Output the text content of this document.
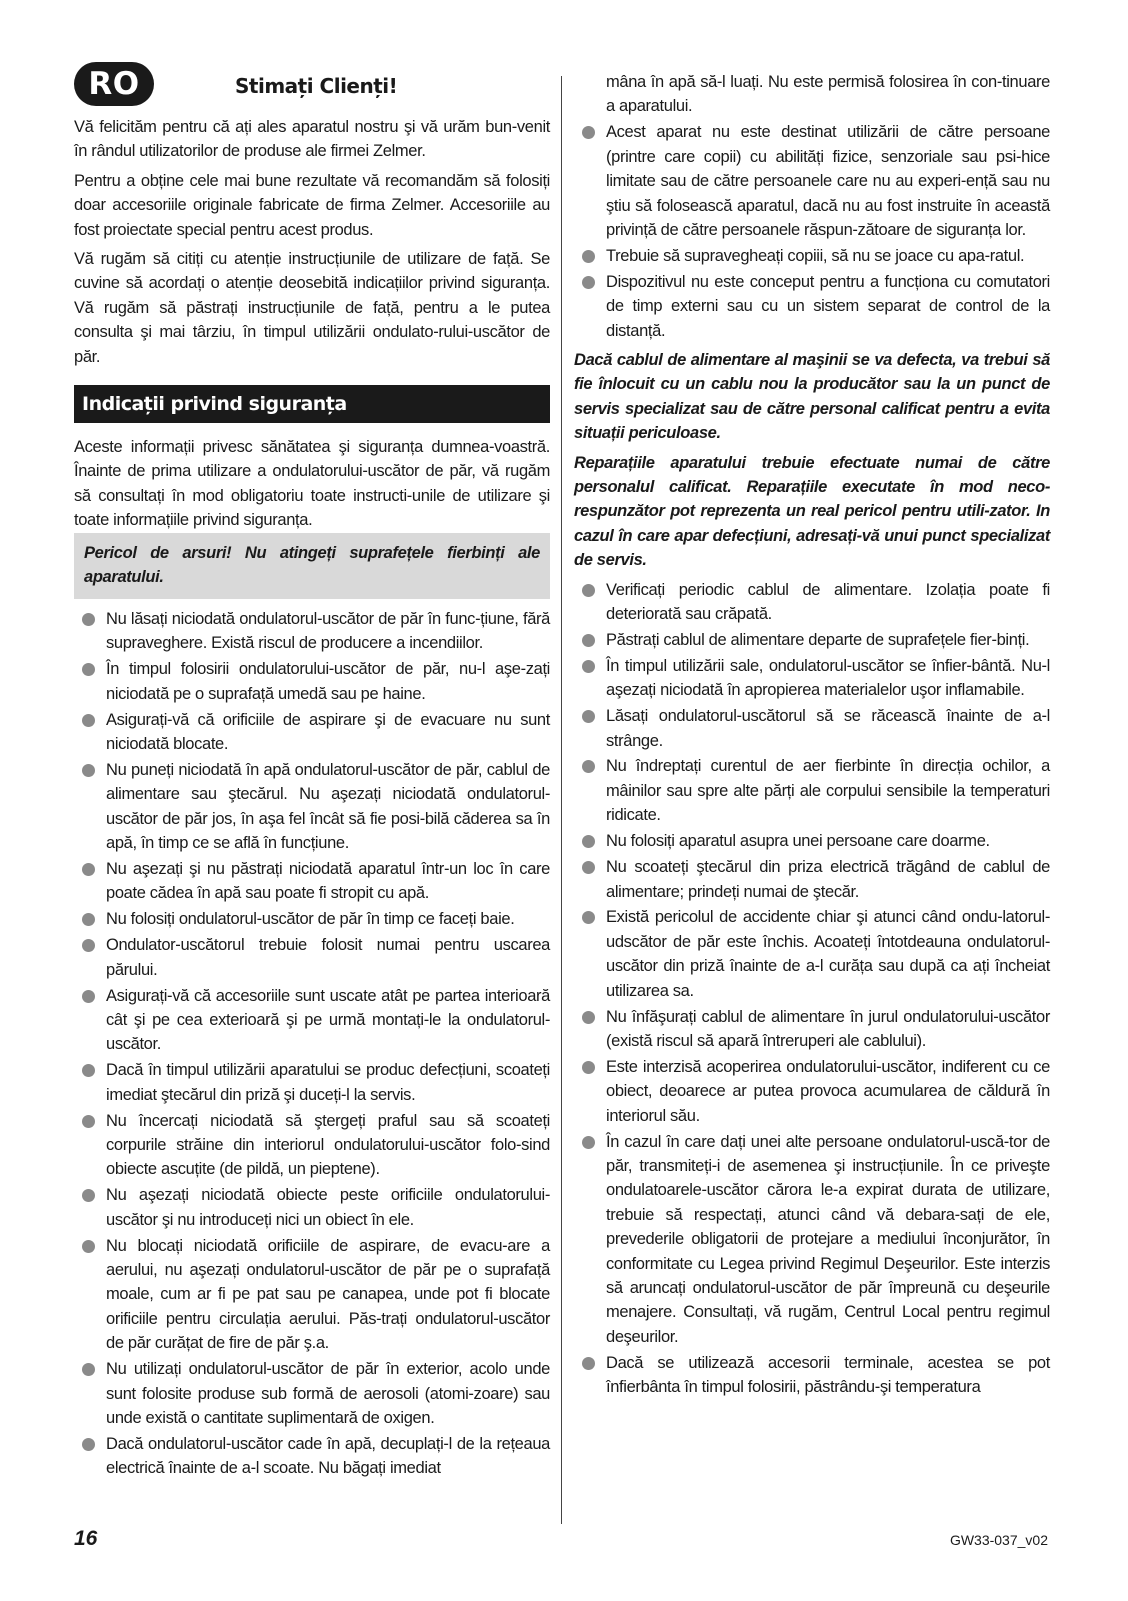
RO	Stimați Clienți!

Vă felicităm pentru că ați ales aparatul nostru şi vă urăm bun-venit în rândul utilizatorilor de produse ale firmei Zelmer.

Pentru a obține cele mai bune rezultate vă recomandăm să folosiți doar accesoriile originale fabricate de firma Zelmer. Accesoriile au fost proiectate special pentru acest produs.

Vă rugăm să citiți cu atenție instrucțiunile de utilizare de față. Se cuvine să acordați o atenție deosebită indicațiilor privind siguranța. Vă rugăm să păstrați instrucțiunile de față, pentru a le putea consulta şi mai târziu, în timpul utilizării ondulato-rului-uscător de păr.

Indicații privind siguranța

Aceste informații privesc sănătatea şi siguranța dumnea-voastră. Înainte de prima utilizare a ondulatorului-uscător de păr, vă rugăm să consultați în mod obligatoriu toate instructi-unile de utilizare şi toate informațiile privind siguranța.

Pericol de arsuri! Nu atingeți suprafețele fierbinți ale aparatului.

Nu lăsați niciodată ondulatorul-uscător de păr în func-țiune, fără supraveghere. Există riscul de producere a incendiilor.

În timpul folosirii ondulatorului-uscător de păr, nu-l aşe-zați niciodată pe o suprafață umedă sau pe haine.

Asigurați-vă că orificiile de aspirare şi de evacuare nu sunt niciodată blocate.

Nu puneți niciodată în apă ondulatorul-uscător de păr, cablul de alimentare sau ştecărul. Nu aşezați niciodată ondulatorul-uscător de păr jos, în aşa fel încât să fie posi-bilă căderea sa în apă, în timp ce se află în funcțiune.

Nu aşezați şi nu păstrați niciodată aparatul într-un loc în care poate cădea în apă sau poate fi stropit cu apă.

Nu folosiți ondulatorul-uscător de păr în timp ce faceți baie.

Ondulator-uscătorul trebuie folosit numai pentru uscarea părului.

Asigurați-vă că accesoriile sunt uscate atât pe partea interioară cât şi pe cea exterioară şi pe urmă montați-le la ondulatorul-uscător.

Dacă în timpul utilizării aparatului se produc defecțiuni, scoateți imediat ştecărul din priză şi duceți-l la servis.

Nu încercați niciodată să ştergeți praful sau să scoateți corpurile străine din interiorul ondulatorului-uscător folo-sind obiecte ascuțite (de pildă, un pieptene).

Nu aşezați niciodată obiecte peste orificiile ondulatorului-uscător şi nu introduceți nici un obiect în ele.

Nu blocați niciodată orificiile de aspirare, de evacu-are a aerului, nu aşezați ondulatorul-uscător de păr pe o suprafață moale, cum ar fi pe pat sau pe canapea, unde pot fi blocate orificiile pentru circulația aerului. Păs-trați ondulatorul-uscător de păr curățat de fire de păr ş.a.

Nu utilizați ondulatorul-uscător de păr în exterior, acolo unde sunt folosite produse sub formă de aerosoli (atomi-zoare) sau unde există o cantitate suplimentară de oxigen.

Dacă ondulatorul-uscător cade în apă, decuplați-l de la rețeaua electrică înainte de a-l scoate. Nu băgați imediat

mâna în apă să-l luați. Nu este permisă folosirea în con-tinuare a aparatului.

Acest aparat nu este destinat utilizării de către persoane (printre care copii) cu abilități fizice, senzoriale sau psi-hice limitate sau de către persoanele care nu au experi-ență sau nu ştiu să folosească aparatul, dacă nu au fost instruite în această privință de către persoanele răspun-zătoare de siguranța lor.

Trebuie să supravegheați copiii, să nu se joace cu apa-ratul.

Dispozitivul nu este conceput pentru a funcționa cu comutatori de timp externi sau cu un sistem separat de control de la distanță.

Dacă cablul de alimentare al maşinii se va defecta, va trebui să fie înlocuit cu un cablu nou la producător sau la un punct de servis specializat sau de către personal calificat pentru a evita situații periculoase.

Reparațiile aparatului trebuie efectuate numai de către personalul calificat. Reparațiile executate în mod neco-respunzător pot reprezenta un real pericol pentru utili-zator. In cazul în care apar defecțiuni, adresați-vă unui punct specializat de servis.

Verificați periodic cablul de alimentare. Izolația poate fi deteriorată sau crăpată.

Păstrați cablul de alimentare departe de suprafețele fier-binți.

În timpul utilizării sale, ondulatorul-uscător se înfier-bântă. Nu-l aşezați niciodată în apropierea materialelor uşor inflamabile.

Lăsați ondulatorul-uscătorul să se răcească înainte de a-l strânge.

Nu îndreptați curentul de aer fierbinte în direcția ochilor, a mâinilor sau spre alte părți ale corpului sensibile la temperaturi ridicate.

Nu folosiți aparatul asupra unei persoane care doarme.

Nu scoateți ştecărul din priza electrică trăgând de cablul de alimentare; prindeți numai de ştecăr.

Există pericolul de accidente chiar şi atunci când ondu-latorul-udscător de păr este închis. Acoateți întotdeauna ondulatorul-uscător din priză înainte de a-l curăța sau după ca ați încheiat utilizarea sa.

Nu înfăşurați cablul de alimentare în jurul ondulatorului-uscător (există riscul să apară întreruperi ale cablului).

Este interzisă acoperirea ondulatorului-uscător, indiferent cu ce obiect, deoarece ar putea provoca acumularea de căldură în interiorul său.

În cazul în care dați unei alte persoane ondulatorul-uscă-tor de păr, transmiteți-i de asemenea şi instrucțiunile. În ce priveşte ondulatoarele-uscător cărora le-a expirat durata de utilizare, trebuie să respectați, atunci când vă debara-sați de ele, prevederile obligatorii de protejare a mediului înconjurător, în conformitate cu Legea privind Regimul Deşeurilor. Este interzis să aruncați ondulatorul-uscător de păr împreună cu deşeurile menajere. Consultați, vă rugăm, Centrul Local pentru regimul deşeurilor.

Dacă se utilizează accesorii terminale, acestea se pot înfierbânta în timpul folosirii, păstrându-şi temperatura

16	GW33-037_v02
